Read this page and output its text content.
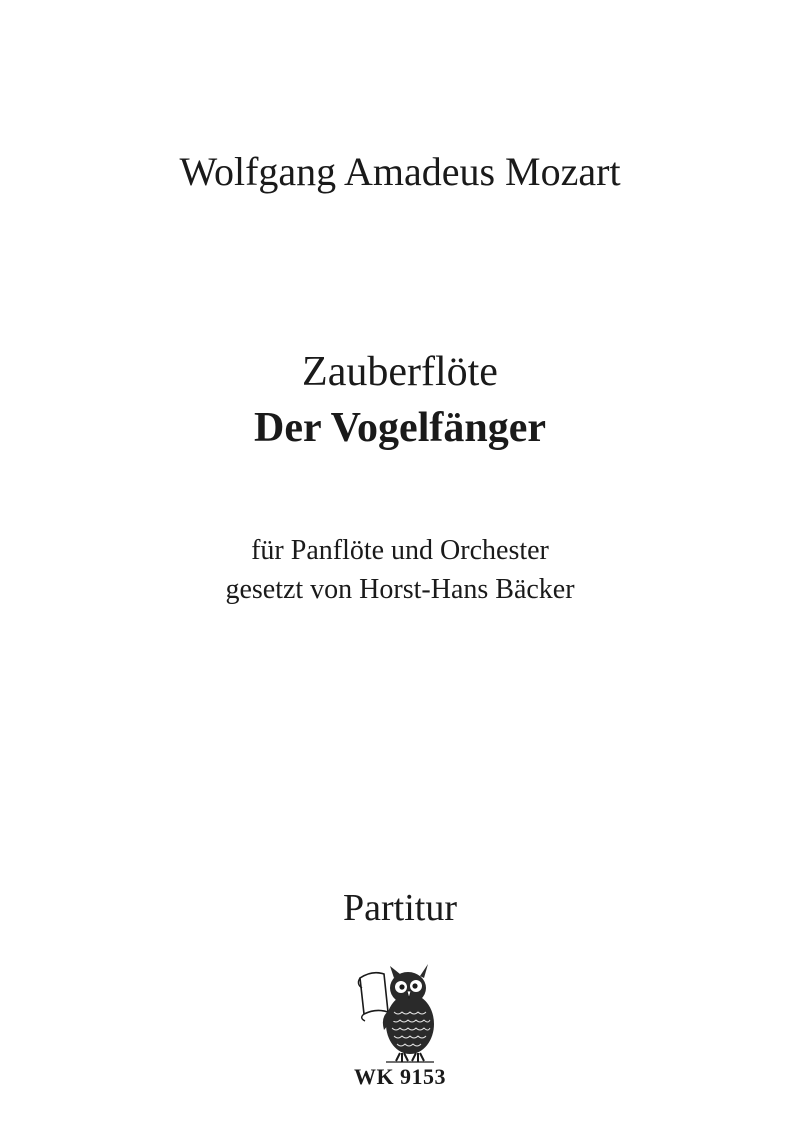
Wolfgang Amadeus Mozart
Zauberflöte
Der Vogelfänger
für Panflöte und Orchester
gesetzt von Horst-Hans Bäcker
Partitur
WK 9153
